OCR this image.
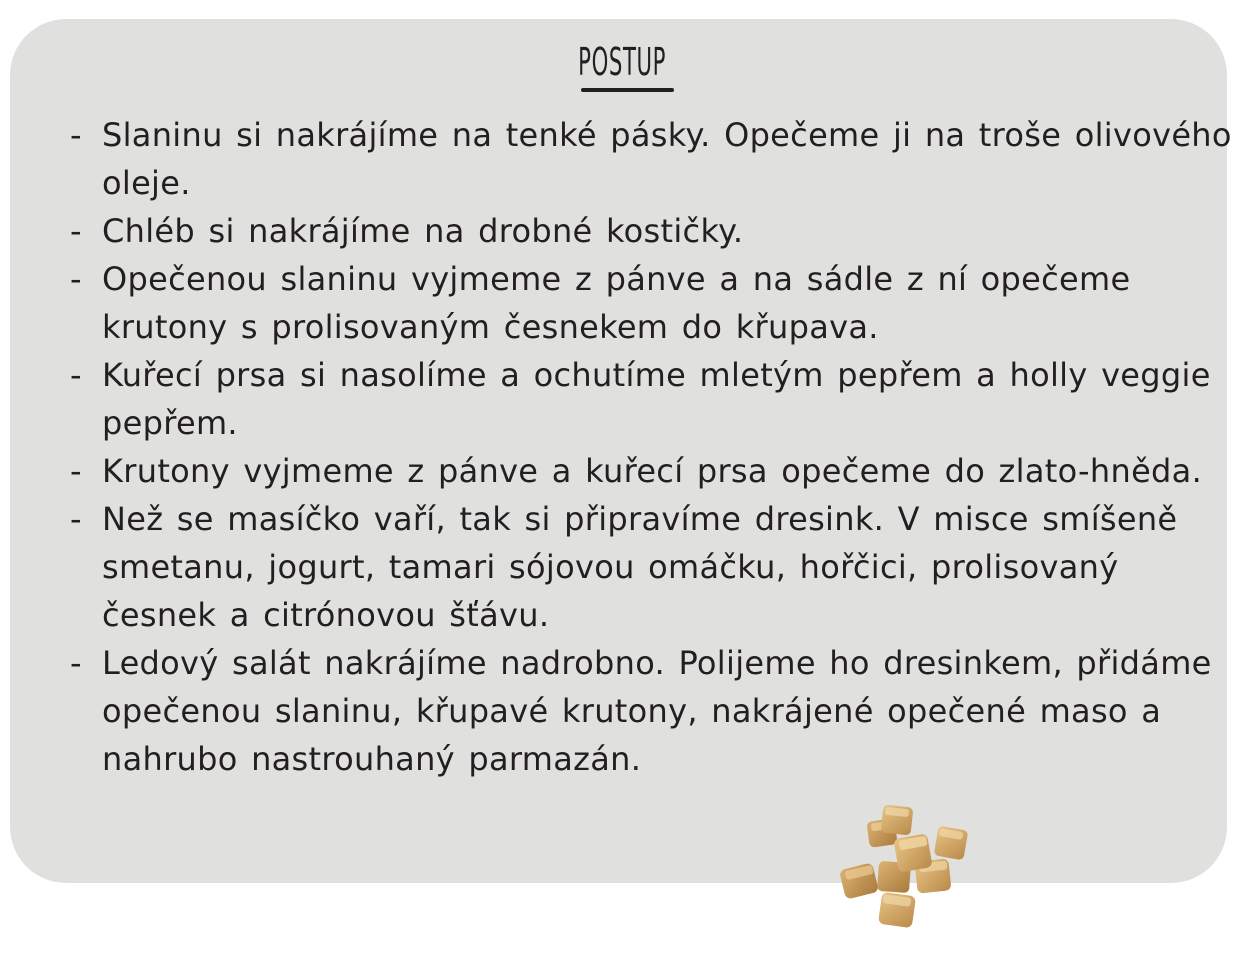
POSTUP
- Slaninu si nakrájíme na tenké pásky. Opečeme ji na troše olivového oleje.
- Chléb si nakrájíme na drobné kostičky.
- Opečenou slaninu vyjmeme z pánve a na sádle z ní opečeme krutony s prolisovaným česnekem do křupava.
- Kuřecí prsa si nasolíme a ochutíme mletým pepřem a holly veggie pepřem.
- Krutony vyjmeme z pánve a kuřecí prsa opečeme do zlato-hněda.
- Než se masíčko vaří, tak si připravíme dresink. V misce smíšeně smetanu, jogurt, tamari sójovou omáčku, hořčici, prolisovaný česnek a citrónovou šťávu.
- Ledový salát nakrájíme nadrobno. Polijeme ho dresinkem, přidáme opečenou slaninu, křupavé krutony, nakrájené opečené maso a nahrubo nastrouhaný parmazán.
